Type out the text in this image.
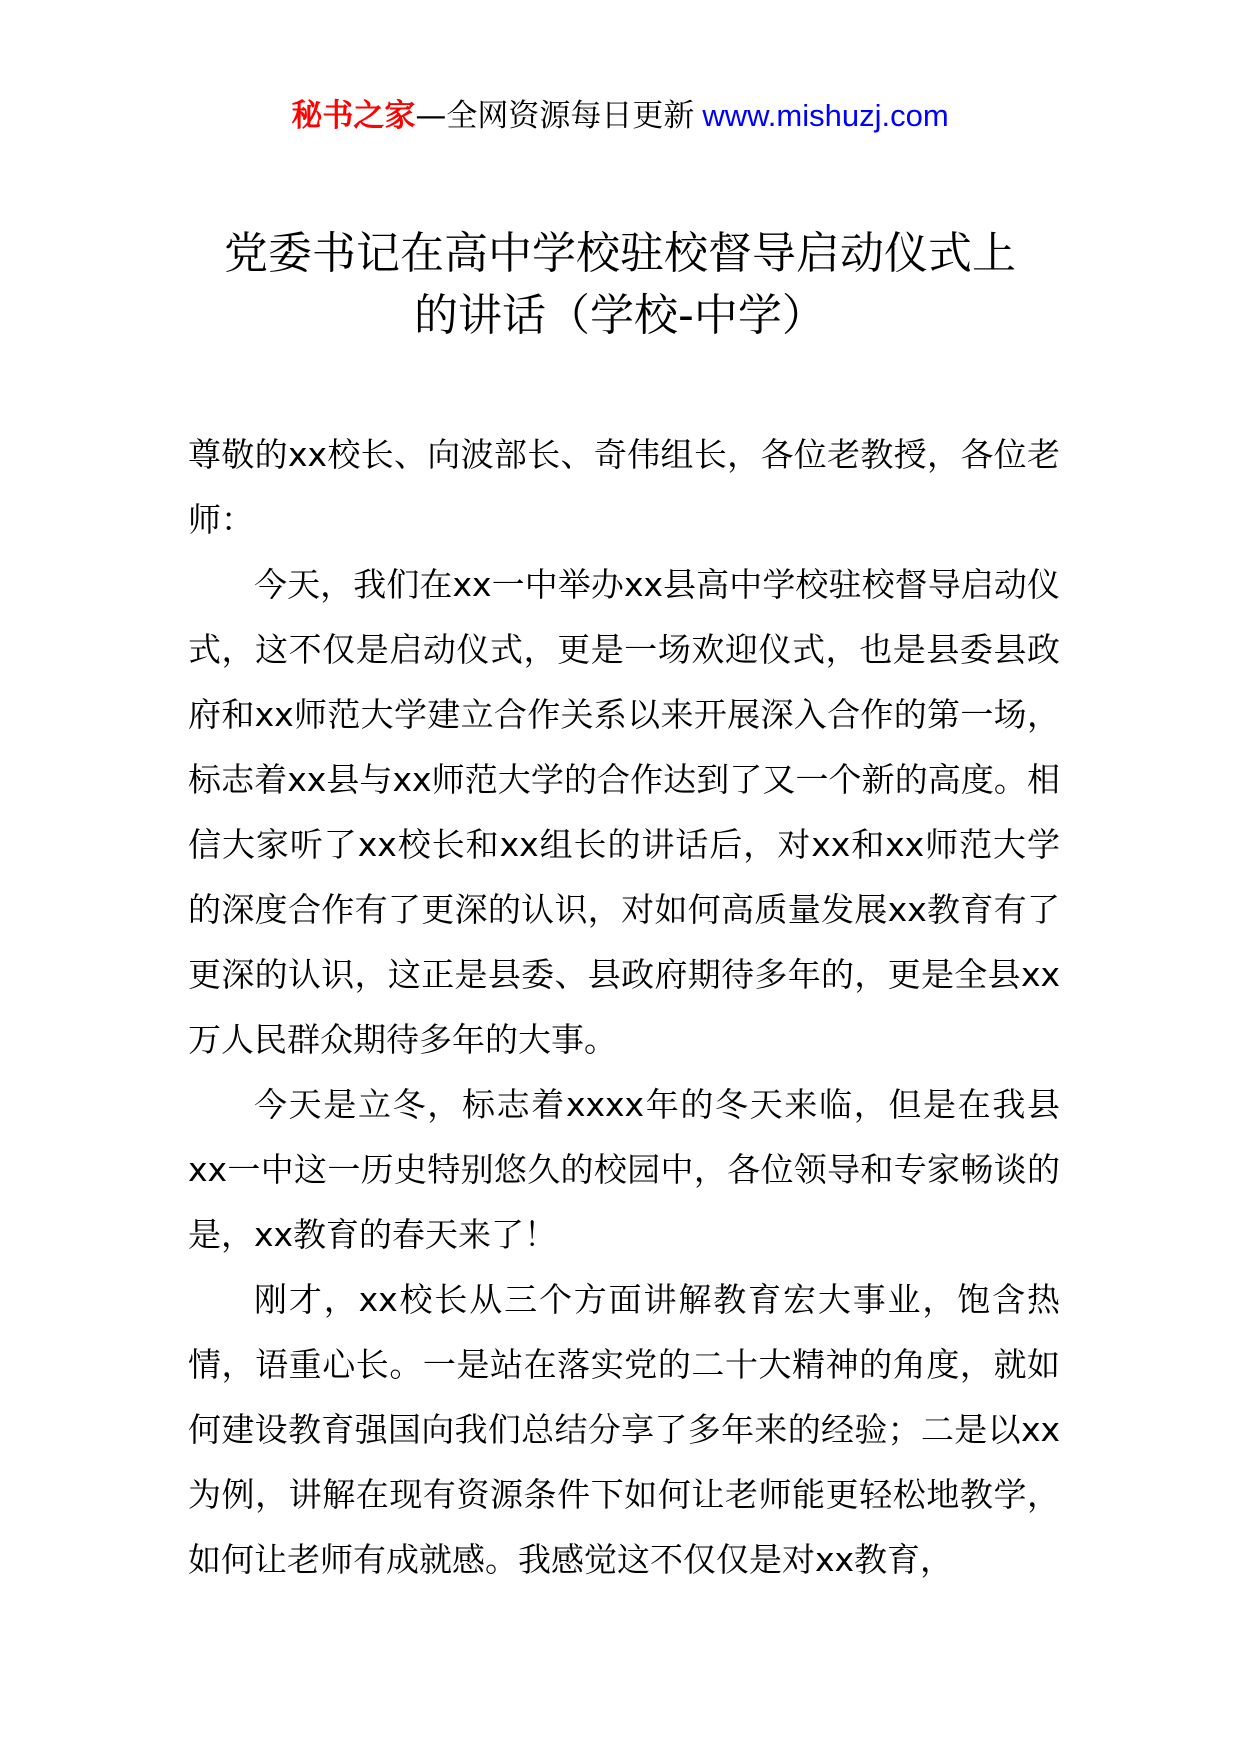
秘书之家—全网资源每日更新 www.mishuzj.com
党委书记在高中学校驻校督导启动仪式上
的讲话（学校-中学）

尊敬的xx校长、向波部长、奇伟组长，各位老教授，各位老师：

今天，我们在xx一中举办xx县高中学校驻校督导启动仪式，这不仅是启动仪式，更是一场欢迎仪式，也是县委县政府和xx师范大学建立合作关系以来开展深入合作的第一场，标志着xx县与xx师范大学的合作达到了又一个新的高度。相信大家听了xx校长和xx组长的讲话后，对xx和xx师范大学的深度合作有了更深的认识，对如何高质量发展xx教育有了更深的认识，这正是县委、县政府期待多年的，更是全县xx万人民群众期待多年的大事。

今天是立冬，标志着xxxx年的冬天来临，但是在我县xx一中这一历史特别悠久的校园中，各位领导和专家畅谈的是，xx教育的春天来了！

刚才，xx校长从三个方面讲解教育宏大事业，饱含热情，语重心长。一是站在落实党的二十大精神的角度，就如何建设教育强国向我们总结分享了多年来的经验；二是以xx为例，讲解在现有资源条件下如何让老师能更轻松地教学，如何让老师有成就感。我感觉这不仅仅是对xx教育，
